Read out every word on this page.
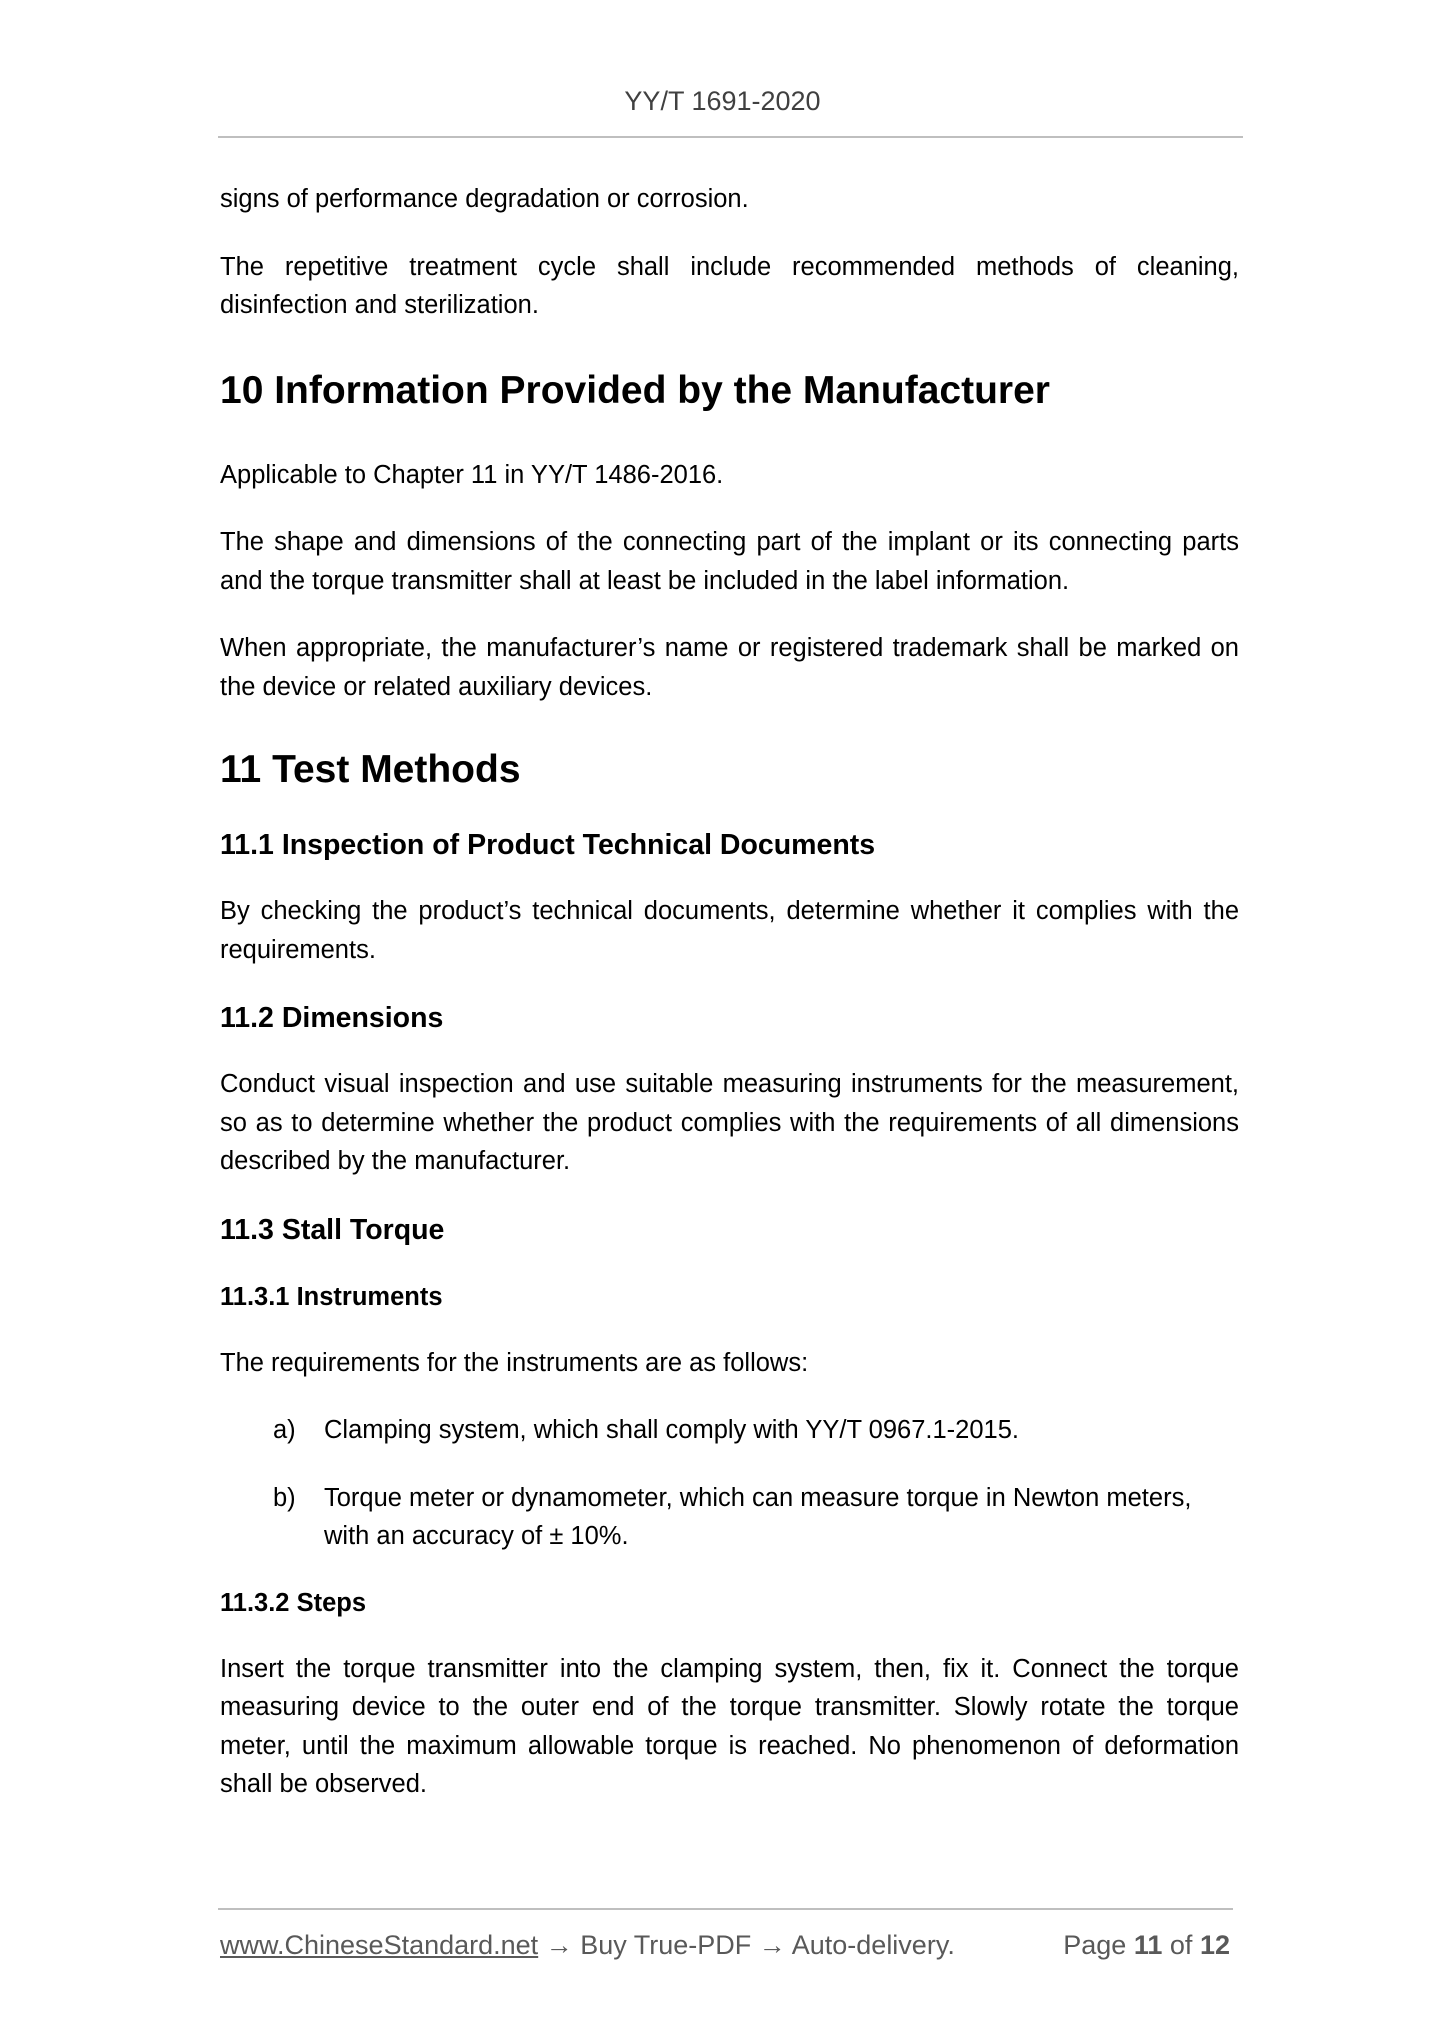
YY/T 1691-2020

signs of performance degradation or corrosion.

The repetitive treatment cycle shall include recommended methods of cleaning, disinfection and sterilization.

10 Information Provided by the Manufacturer

Applicable to Chapter 11 in YY/T 1486-2016.

The shape and dimensions of the connecting part of the implant or its connecting parts and the torque transmitter shall at least be included in the label information.

When appropriate, the manufacturer’s name or registered trademark shall be marked on the device or related auxiliary devices.

11 Test Methods
11.1 Inspection of Product Technical Documents

By checking the product’s technical documents, determine whether it complies with the requirements.

11.2 Dimensions

Conduct visual inspection and use suitable measuring instruments for the measurement, so as to determine whether the product complies with the requirements of all dimensions described by the manufacturer.

11.3 Stall Torque
11.3.1 Instruments

The requirements for the instruments are as follows:

a) Clamping system, which shall comply with YY/T 0967.1-2015.
b) Torque meter or dynamometer, which can measure torque in Newton meters, with an accuracy of ± 10%.
11.3.2 Steps

Insert the torque transmitter into the clamping system, then, fix it. Connect the torque measuring device to the outer end of the torque transmitter. Slowly rotate the torque meter, until the maximum allowable torque is reached. No phenomenon of deformation shall be observed.

www.ChineseStandard.net → Buy True-PDF → Auto-delivery.	Page 11 of 12
